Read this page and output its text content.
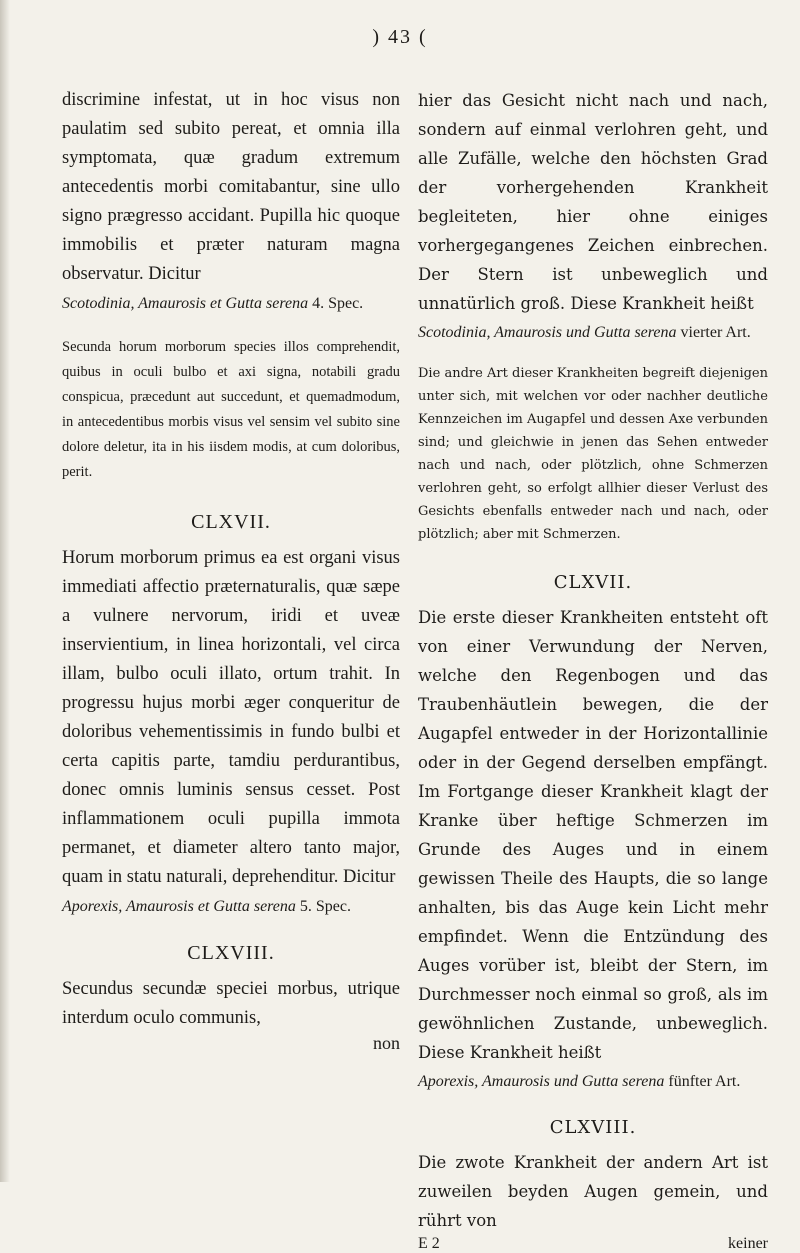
) 43 (

discrimine infestat, ut in hoc visus non paulatim sed subito pereat, et omnia illa symptomata, quæ gradum extremum antecedentis morbi comitabantur, sine ullo signo prægresso accidant. Pupilla hic quoque immobilis et præter naturam magna observatur. Dicitur

Scotodinia, Amaurosis et Gutta serena 4. Spec.

Secunda horum morborum species illos comprehendit, quibus in oculi bulbo et axi signa, notabili gradu conspicua, præcedunt aut succedunt, et quemadmodum, in antecedentibus morbis visus vel sensim vel subito sine dolore deletur, ita in his iisdem modis, at cum doloribus, perit.

CLXVII.

Horum morborum primus ea est organi visus immediati affectio præternaturalis, quæ sæpe a vulnere nervorum, iridi et uveæ inservientium, in linea horizontali, vel circa illam, bulbo oculi illato, ortum trahit. In progressu hujus morbi æger conqueritur de doloribus vehementissimis in fundo bulbi et certa capitis parte, tamdiu perdurantibus, donec omnis luminis sensus cesset. Post inflammationem oculi pupilla immota permanet, et diameter altero tanto major, quam in statu naturali, deprehenditur. Dicitur

Aporexis, Amaurosis et Gutta serena 5. Spec.
CLXVIII.

Secundus secundæ speciei morbus, utrique interdum oculo communis,

non

hier das Gesicht nicht nach und nach, sondern auf einmal verlohren geht, und alle Zufälle, welche den höchsten Grad der vorhergehenden Krankheit begleiteten, hier ohne einiges vorhergegangenes Zeichen einbrechen. Der Stern ist unbeweglich und unnatürlich groß. Diese Krankheit heißt

Scotodinia, Amaurosis und Gutta serena vierter Art.

Die andre Art dieser Krankheiten begreift diejenigen unter sich, mit welchen vor oder nachher deutliche Kennzeichen im Augapfel und dessen Axe verbunden sind; und gleichwie in jenen das Sehen entweder nach und nach, oder plötzlich, ohne Schmerzen verlohren geht, so erfolgt allhier dieser Verlust des Gesichts ebenfalls entweder nach und nach, oder plötzlich; aber mit Schmerzen.

CLXVII.

Die erste dieser Krankheiten entsteht oft von einer Verwundung der Nerven, welche den Regenbogen und das Traubenhäutlein bewegen, die der Augapfel entweder in der Horizontallinie oder in der Gegend derselben empfängt. Im Fortgange dieser Krankheit klagt der Kranke über heftige Schmerzen im Grunde des Auges und in einem gewissen Theile des Haupts, die so lange anhalten, bis das Auge kein Licht mehr empfindet. Wenn die Entzündung des Auges vorüber ist, bleibt der Stern, im Durchmesser noch einmal so groß, als im gewöhnlichen Zustande, unbeweglich. Diese Krankheit heißt

Aporexis, Amaurosis und Gutta serena fünfter Art.
CLXVIII.

Die zwote Krankheit der andern Art ist zuweilen beyden Augen gemein, und rührt von

E 2	keiner
